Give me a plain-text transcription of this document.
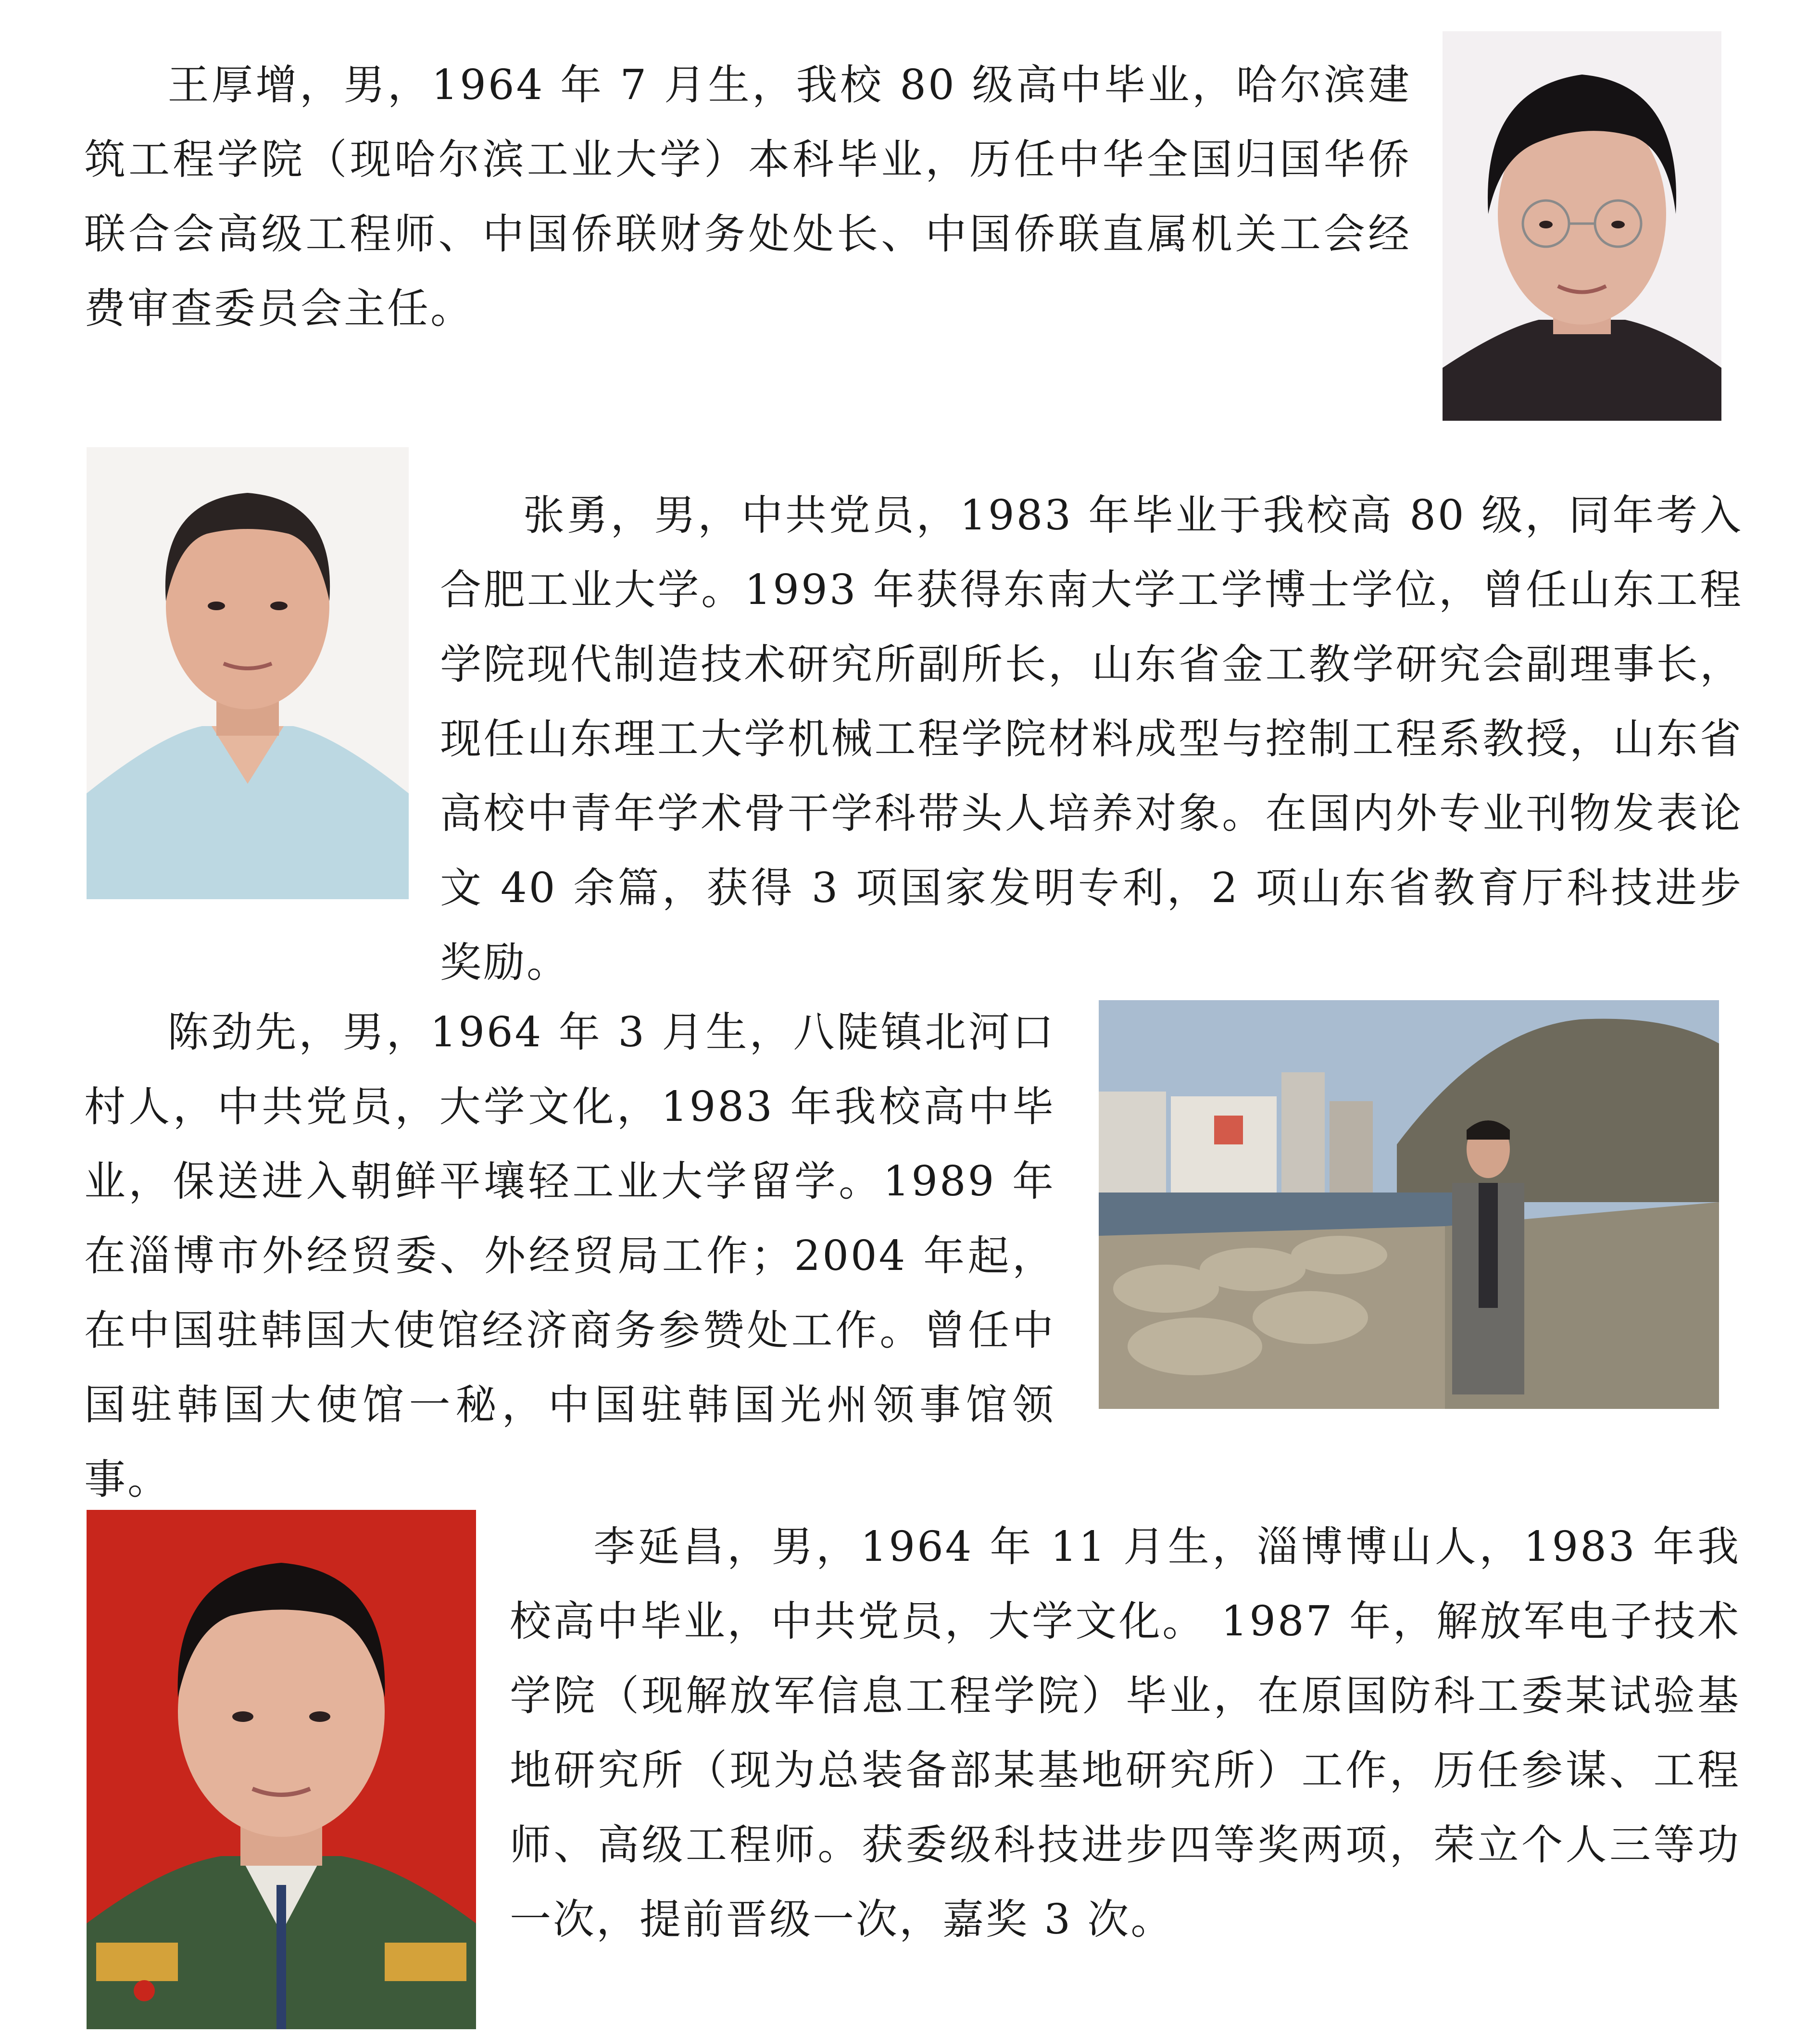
王厚增，男，1964 年 7 月生，我校 80 级高中毕业，哈尔滨建筑工程学院（现哈尔滨工业大学）本科毕业，历任中华全国归国华侨联合会高级工程师、中国侨联财务处处长、中国侨联直属机关工会经费审查委员会主任。

张勇，男，中共党员，1983 年毕业于我校高 80 级，同年考入合肥工业大学。1993 年获得东南大学工学博士学位，曾任山东工程学院现代制造技术研究所副所长，山东省金工教学研究会副理事长，现任山东理工大学机械工程学院材料成型与控制工程系教授，山东省高校中青年学术骨干学科带头人培养对象。在国内外专业刊物发表论文 40 余篇，获得 3 项国家发明专利，2 项山东省教育厅科技进步奖励。

陈劲先，男，1964 年 3 月生，八陡镇北河口村人，中共党员，大学文化，1983 年我校高中毕业，保送进入朝鲜平壤轻工业大学留学。1989 年在淄博市外经贸委、外经贸局工作；2004 年起，在中国驻韩国大使馆经济商务参赞处工作。曾任中国驻韩国大使馆一秘，中国驻韩国光州领事馆领事。

李延昌，男，1964 年 11 月生，淄博博山人，1983 年我校高中毕业，中共党员，大学文化。 1987 年，解放军电子技术学院（现解放军信息工程学院）毕业，在原国防科工委某试验基地研究所（现为总装备部某基地研究所）工作，历任参谋、工程师、高级工程师。获委级科技进步四等奖两项，荣立个人三等功一次，提前晋级一次，嘉奖 3 次。
